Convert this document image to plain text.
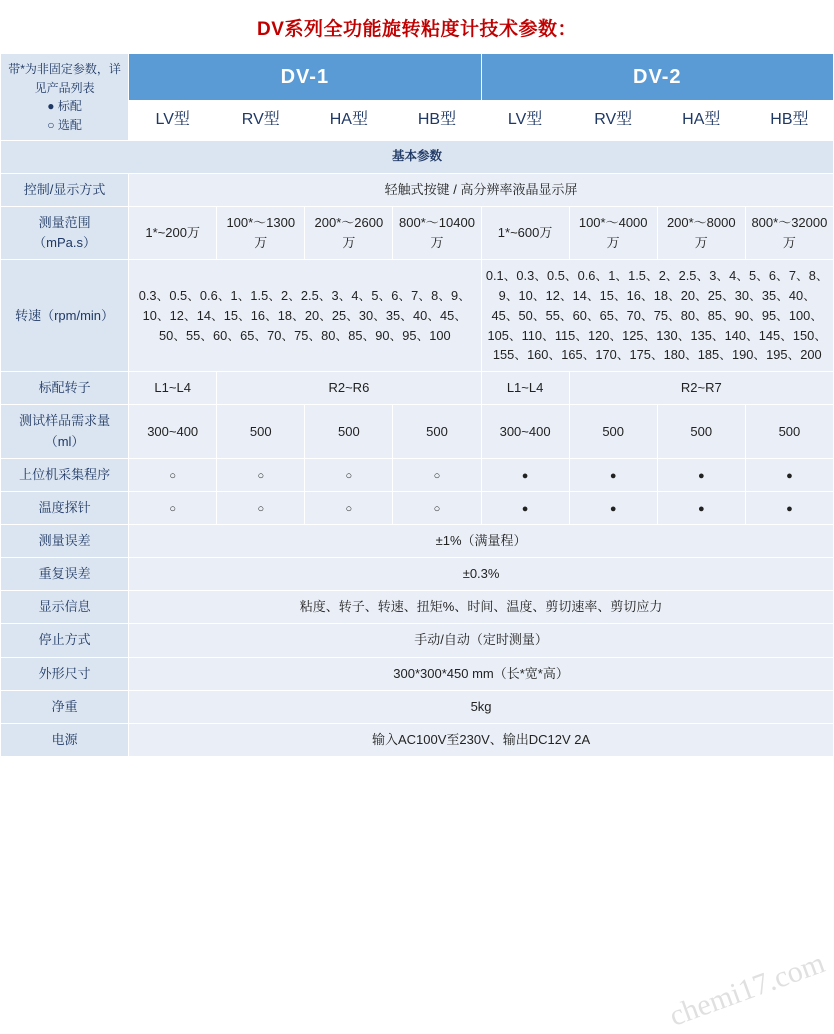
DV系列全功能旋转粘度计技术参数：
带*为非固定参数，详见产品列表
● 标配
○ 选配	DV-1				DV-2			
	LV型	RV型	HA型	HB型	LV型	RV型	HA型	HB型
基本参数								
控制/显示方式	轻触式按键 / 高分辨率液晶显示屏							

测量范围
（mPa.s）	1*~200万	100*～1300万	200*～2600万	800*～10400万	1*~600万	100*～4000万	200*～8000万	800*～32000万
转速（rpm/min）	0.3、0.5、0.6、1、1.5、2、2.5、3、4、5、6、7、8、9、10、12、14、15、16、18、20、25、30、35、40、45、50、55、60、65、70、75、80、85、90、95、100				0.1、0.3、0.5、0.6、1、1.5、2、2.5、3、4、5、6、7、8、9、10、12、14、15、16、18、20、25、30、35、40、45、50、55、60、65、70、75、80、85、90、95、100、105、110、115、120、125、130、135、140、145、150、155、160、165、170、175、180、185、190、195、200			
标配转子	L1~L4	R2~R6			L1~L4	R2~R7		

测试样品需求量
（ml）	300~400	500	500	500	300~400	500	500	500
上位机采集程序	○	○	○	○	●	●	●	●
温度探针	○	○	○	○	●	●	●	●
测量误差	±1%（满量程）							
重复误差	±0.3%							
显示信息	粘度、转子、转速、扭矩%、时间、温度、剪切速率、剪切应力							
停止方式	手动/自动（定时测量）							
外形尺寸	300*300*450 mm（长*宽*高）							
净重	5kg							
电源	输入AC100V至230V、输出DC12V 2A							
chemi17.com
